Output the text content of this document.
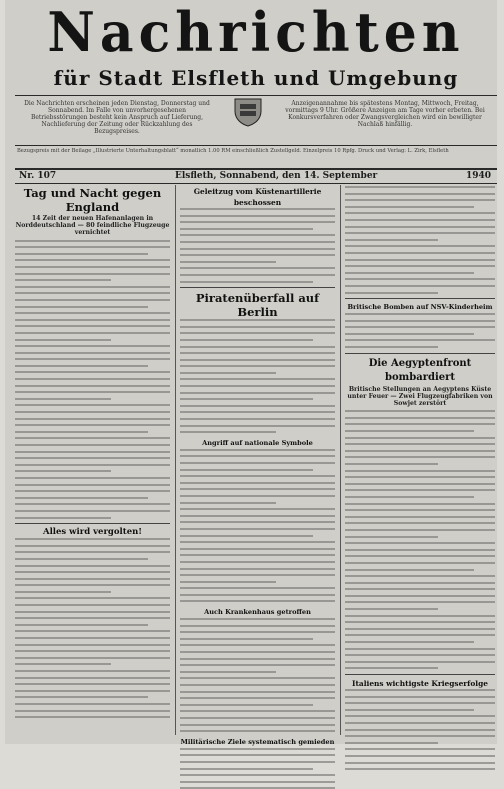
Nachrichten
für Stadt Elsfleth und Umgebung
Die Nachrichten erscheinen jeden Dienstag, Donnerstag und Sonnabend. Im Falle von unvorhergesehenen Betriebsstörungen besteht kein Anspruch auf Lieferung, Nachlieferung der Zeitung oder Rückzahlung des Bezugspreises.
Anzeigenannahme bis spätestens Montag, Mittwoch, Freitag, vormittags 9 Uhr. Größere Anzeigen am Tage vorher erbeten. Bei Konkursverfahren oder Zwangsvergleichen wird ein bewilligter Nachlaß hinfällig.
Bezugspreis mit der Beilage „Illustrierte Unterhaltungsblatt“ monatlich 1.00 RM einschließlich Zustellgeld. Einzelpreis 10 Rpfg. Druck und Verlag: L. Zirk, Elsfleth
Nr. 107	Elsfleth, Sonnabend, den 14. September	1940
Tag und Nacht gegen England
14 Zeit der neuen Hafenanlagen in Norddeutschland — 80 feindliche Flugzeuge vernichtet
Alles wird vergolten!
Geleitzug vom Küstenartillerie beschossen
Piratenüberfall auf Berlin
Angriff auf nationale Symbole
Auch Krankenhaus getroffen
Militärische Ziele systematisch gemieden
Britische Bomben auf NSV-Kinderheim
Die Aegyptenfront bombardiert
Britische Stellungen an Aegyptens Küste unter Feuer — Zwei Flugzeugfabriken von Sowjet zerstört
Italiens wichtigste Kriegserfolge
